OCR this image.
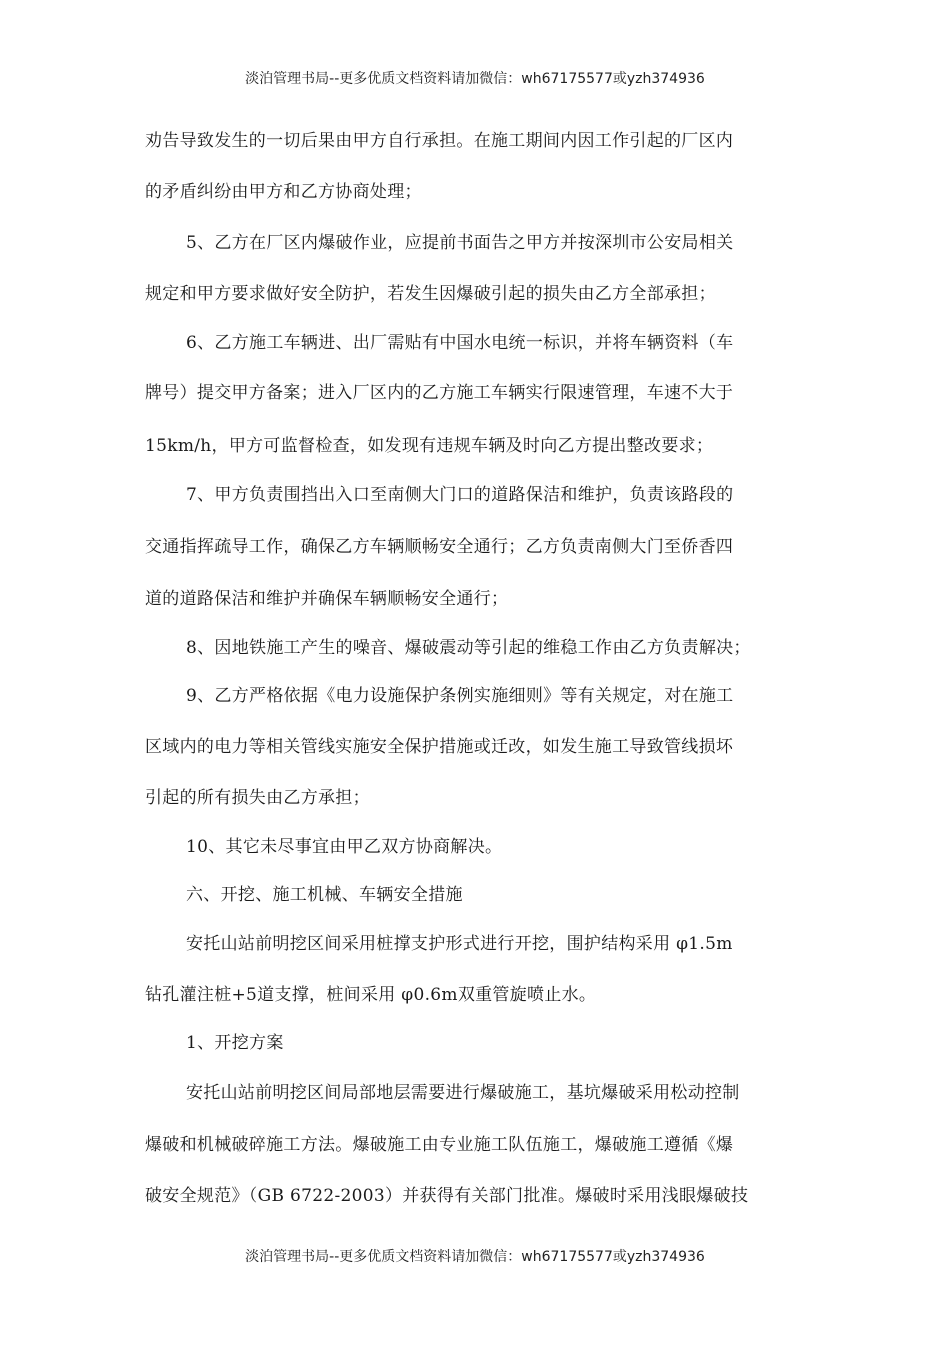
淡泊管理书局--更多优质文档资料请加微信：wh67175577或yzh374936
劝告导致发生的一切后果由甲方自行承担。在施工期间内因工作引起的厂区内
的矛盾纠纷由甲方和乙方协商处理；
5、乙方在厂区内爆破作业，应提前书面告之甲方并按深圳市公安局相关
规定和甲方要求做好安全防护，若发生因爆破引起的损失由乙方全部承担；
6、乙方施工车辆进、出厂需贴有中国水电统一标识，并将车辆资料（车
牌号）提交甲方备案；进入厂区内的乙方施工车辆实行限速管理，车速不大于
15km/h，甲方可监督检查，如发现有违规车辆及时向乙方提出整改要求；
7、甲方负责围挡出入口至南侧大门口的道路保洁和维护，负责该路段的
交通指挥疏导工作，确保乙方车辆顺畅安全通行；乙方负责南侧大门至侨香四
道的道路保洁和维护并确保车辆顺畅安全通行；
8、因地铁施工产生的噪音、爆破震动等引起的维稳工作由乙方负责解决；
9、乙方严格依据《电力设施保护条例实施细则》等有关规定，对在施工
区域内的电力等相关管线实施安全保护措施或迁改，如发生施工导致管线损坏
引起的所有损失由乙方承担；
10、其它未尽事宜由甲乙双方协商解决。
六、开挖、施工机械、车辆安全措施
安托山站前明挖区间采用桩撑支护形式进行开挖，围护结构采用 φ1.5m
钻孔灌注桩+5道支撑，桩间采用 φ0.6m双重管旋喷止水。
1、开挖方案
安托山站前明挖区间局部地层需要进行爆破施工，基坑爆破采用松动控制
爆破和机械破碎施工方法。爆破施工由专业施工队伍施工，爆破施工遵循《爆
破安全规范》（GB 6722-2003）并获得有关部门批准。爆破时采用浅眼爆破技
淡泊管理书局--更多优质文档资料请加微信：wh67175577或yzh374936
